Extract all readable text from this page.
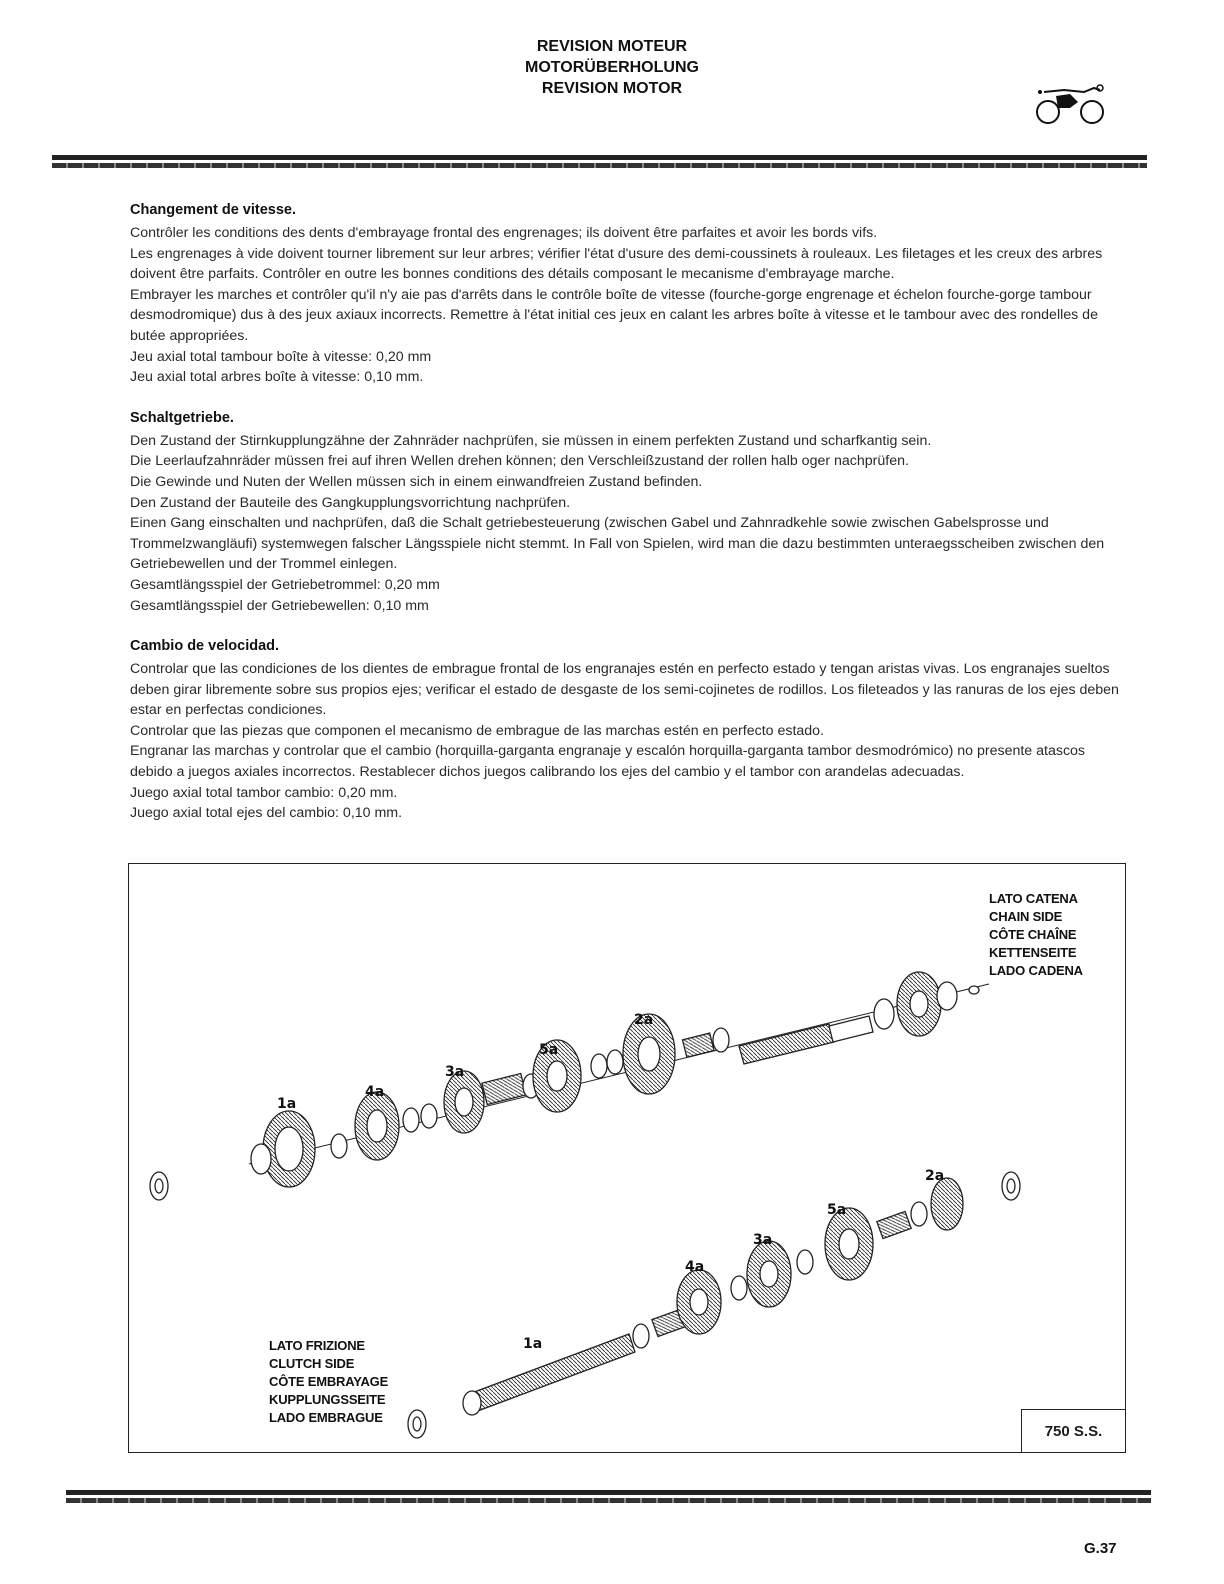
REVISION MOTEUR
MOTORÜBERHOLUNG
REVISION MOTOR
Changement de vitesse.

Contrôler les conditions des dents d'embrayage frontal des engrenages; ils doivent être parfaites et avoir les bords vifs.

Les engrenages à vide doivent tourner librement sur leur arbres; vérifier l'état d'usure des demi-coussinets à rouleaux. Les filetages et les creux des arbres doivent être parfaits. Contrôler en outre les bonnes conditions des détails composant le mecanisme d'embrayage marche.

Embrayer les marches et contrôler qu'il n'y aie pas d'arrêts dans le contrôle boîte de vitesse (fourche-gorge engrenage et échelon fourche-gorge tambour desmodromique) dus à des jeux axiaux incorrects. Remettre à l'état initial ces jeux en calant les arbres boîte à vitesse et le tambour avec des rondelles de butée appropriées.

Jeu axial total tambour boîte à vitesse: 0,20 mm

Jeu axial total arbres boîte à vitesse: 0,10 mm.

Schaltgetriebe.

Den Zustand der Stirnkupplungzähne der Zahnräder nachprüfen, sie müssen in einem perfekten Zustand und scharfkantig sein.

Die Leerlaufzahnräder müssen frei auf ihren Wellen drehen können; den Verschleißzustand der rollen halb oger nachprüfen.

Die Gewinde und Nuten der Wellen müssen sich in einem einwandfreien Zustand befinden.

Den Zustand der Bauteile des Gangkupplungsvorrichtung nachprüfen.

Einen Gang einschalten und nachprüfen, daß die Schalt getriebesteuerung (zwischen Gabel und Zahnradkehle sowie zwischen Gabelsprosse und Trommelzwangläufi) systemwegen falscher Längsspiele nicht stemmt. In Fall von Spielen, wird man die dazu bestimmten unteraegsscheiben zwischen den Getriebewellen und der Trommel einlegen.

Gesamtlängsspiel der Getriebetrommel: 0,20 mm

Gesamtlängsspiel der Getriebewellen: 0,10 mm

Cambio de velocidad.

Controlar que las condiciones de los dientes de embrague frontal de los engranajes estén en perfecto estado y tengan aristas vivas. Los engranajes sueltos deben girar libremente sobre sus propios ejes; verificar el estado de desgaste de los semi-cojinetes de rodillos. Los fileteados y las ranuras de los ejes deben estar en perfectas condiciones.

Controlar que las piezas que componen el mecanismo de embrague de las marchas estén en perfecto estado.

Engranar las marchas y controlar que el cambio (horquilla-garganta engranaje y escalón horquilla-garganta tambor desmodrómico) no presente atascos debido a juegos axiales incorrectos. Restablecer dichos juegos calibrando los ejes del cambio y el tambor con arandelas adecuadas.

Juego axial total tambor cambio: 0,20 mm.

Juego axial total ejes del cambio: 0,10 mm.

LATO CATENA
CHAIN SIDE
CÔTE CHAÎNE
KETTENSEITE
LADO CADENA
LATO FRIZIONE
CLUTCH SIDE
CÔTE EMBRAYAGE
KUPPLUNGSSEITE
LADO EMBRAGUE
1a
4a
3a
5a
2a
1a
4a
3a
5a
2a
750 S.S.
G.37
